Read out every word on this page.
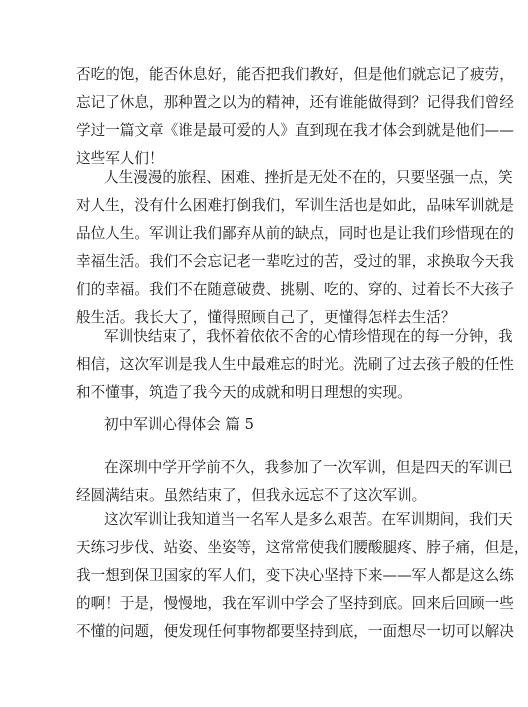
否吃的饱，能否休息好，能否把我们教好，但是他们就忘记了疲劳，
忘记了休息，那种置之以为的精神，还有谁能做得到？记得我们曾经
学过一篇文章《谁是最可爱的人》直到现在我才体会到就是他们——
这些军人们！
人生漫漫的旅程、困难、挫折是无处不在的，只要坚强一点，笑
对人生，没有什么困难打倒我们，军训生活也是如此，品味军训就是
品位人生。军训让我们鄙弃从前的缺点，同时也是让我们珍惜现在的
幸福生活。我们不会忘记老一辈吃过的苦，受过的罪，求换取今天我
们的幸福。我们不在随意破费、挑剔、吃的、穿的、过着长不大孩子
般生活。我长大了，懂得照顾自己了，更懂得怎样去生活？
军训快结束了，我怀着依依不舍的心情珍惜现在的每一分钟，我
相信，这次军训是我人生中最难忘的时光。洗刷了过去孩子般的任性
和不懂事，筑造了我今天的成就和明日理想的实现。
初中军训心得体会 篇 5
在深圳中学开学前不久，我参加了一次军训，但是四天的军训已
经圆满结束。虽然结束了，但我永远忘不了这次军训。
这次军训让我知道当一名军人是多么艰苦。在军训期间，我们天
天练习步伐、站姿、坐姿等，这常常使我们腰酸腿疼、脖子痛，但是，
我一想到保卫国家的军人们，变下决心坚持下来——军人都是这么练
的啊！于是，慢慢地，我在军训中学会了坚持到底。回来后回顾一些
不懂的问题，便发现任何事物都要坚持到底，一面想尽一切可以解决
